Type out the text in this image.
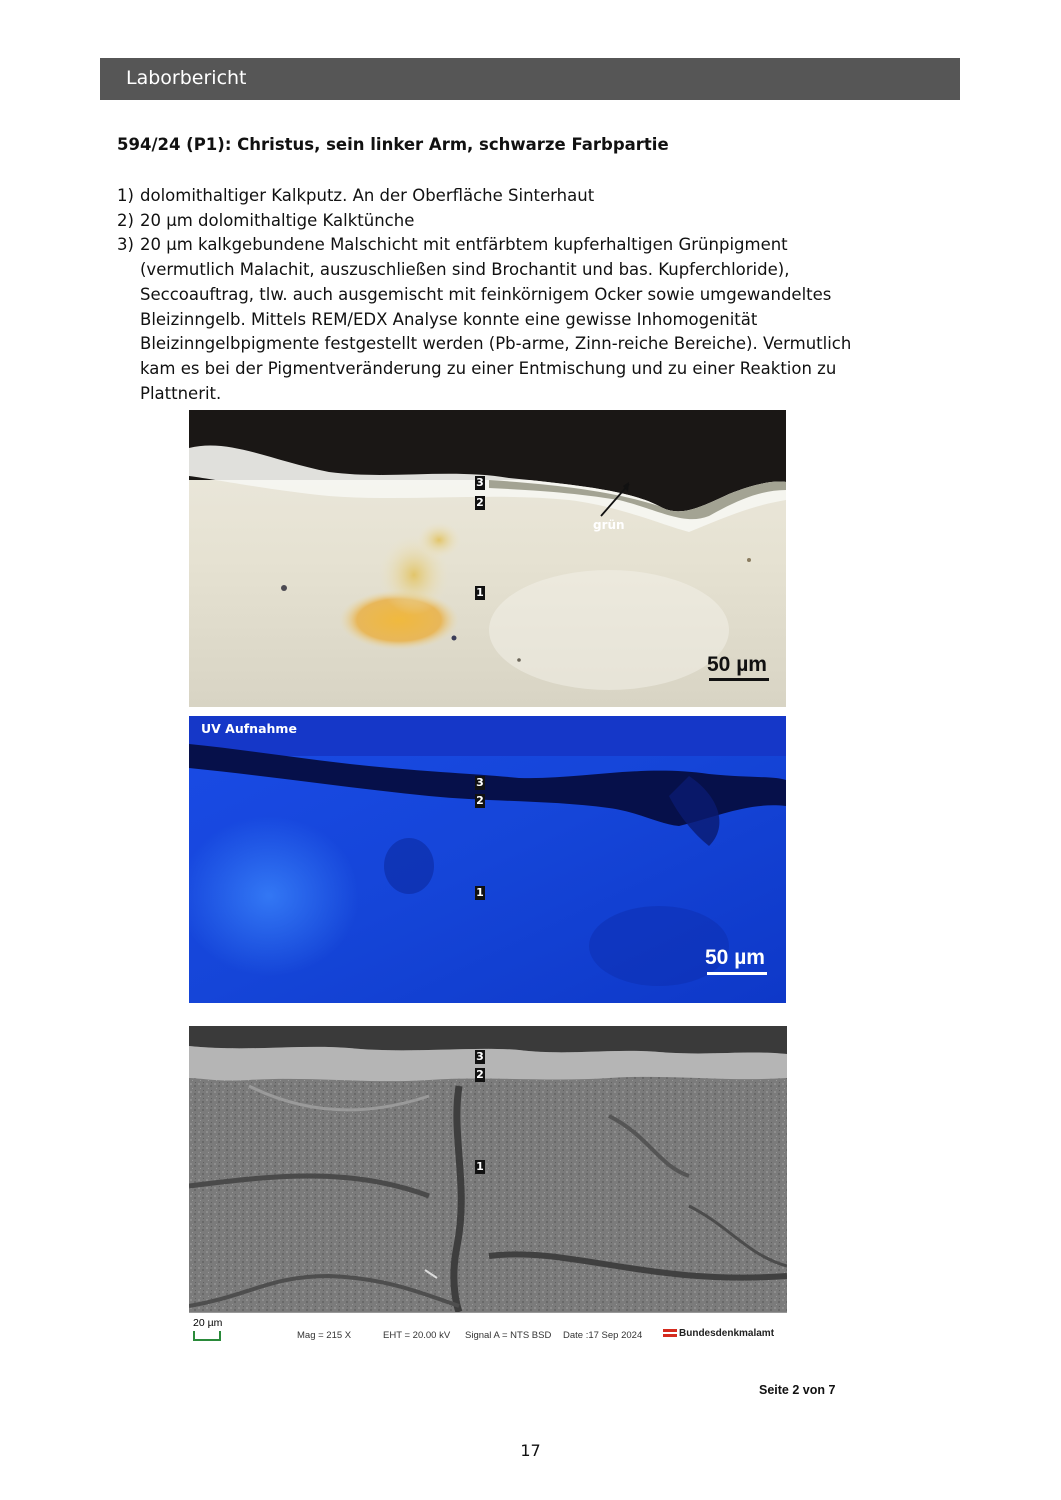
Laborbericht
594/24 (P1): Christus, sein linker Arm, schwarze Farbpartie
1) dolomithaltiger Kalkputz. An der Oberfläche Sinterhaut
2) 20 µm dolomithaltige Kalktünche
3) 20 µm kalkgebundene Malschicht mit entfärbtem kupferhaltigen Grünpigment (vermutlich Malachit, auszuschließen sind Brochantit und bas. Kupferchloride), Seccoauftrag, tlw. auch ausgemischt mit feinkörnigem Ocker sowie umgewandeltes Bleizinngelb. Mittels REM/EDX Analyse konnte eine gewisse Inhomogenität Bleizinngelbpigmente festgestellt werden (Pb-arme, Zinn-reiche Bereiche). Vermutlich kam es bei der Pigmentveränderung zu einer Entmischung und zu einer Reaktion zu Plattnerit.
3
2
1
grün
50 µm
UV Aufnahme
3
2
1
50 µm
3
2
1
20 µm
Mag = 215 X	EHT = 20.00 kV Signal A = NTS BSD Date :17 Sep 2024	Bundesdenkmalamt
Seite 2 von 7
17
